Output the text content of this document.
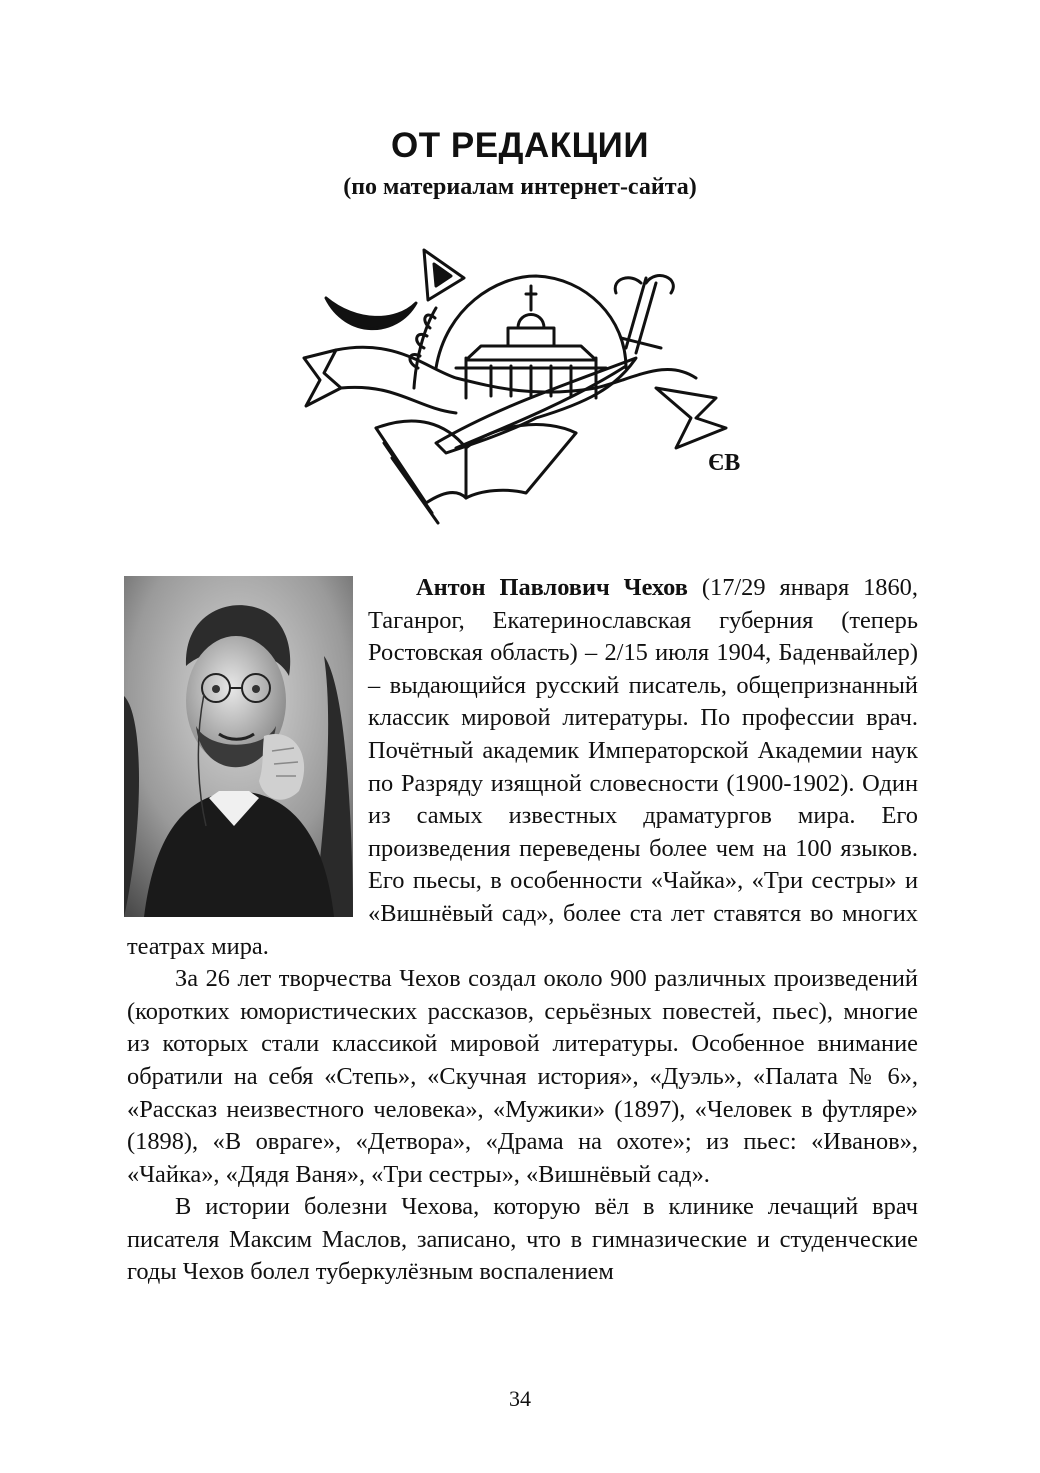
ОТ РЕДАКЦИИ
(по материалам интернет-сайта)
ЄВ

Антон Павлович Чехов (17/29 января 1860, Таганрог, Екатеринославская губерния (теперь Ростовская область) – 2/15 июля 1904, Баденвайлер) – выдающийся русский писатель, общепризнанный классик мировой литературы. По профессии врач. Почётный академик Императорской Академии наук по Разряду изящной словесности (1900-1902). Один из самых известных драматургов мира. Его произведения переведены более чем на 100 языков. Его пьесы, в особенности «Чайка», «Три сестры» и «Вишнёвый сад», более ста лет ставятся во многих театрах мира.

За 26 лет творчества Чехов создал около 900 различных произведений (коротких юмористических рассказов, серьёзных повестей, пьес), многие из которых стали классикой мировой литературы. Особенное внимание обратили на себя «Степь», «Скучная история», «Дуэль», «Палата № 6», «Рассказ неизвестного человека», «Мужики» (1897), «Человек в футляре» (1898), «В овраге», «Детвора», «Драма на охоте»; из пьес: «Иванов», «Чайка», «Дядя Ваня», «Три сестры», «Вишнёвый сад».

В истории болезни Чехова, которую вёл в клинике лечащий врач писателя Максим Маслов, записано, что в гимназические и студенческие годы Чехов болел туберкулёзным воспалением

34
